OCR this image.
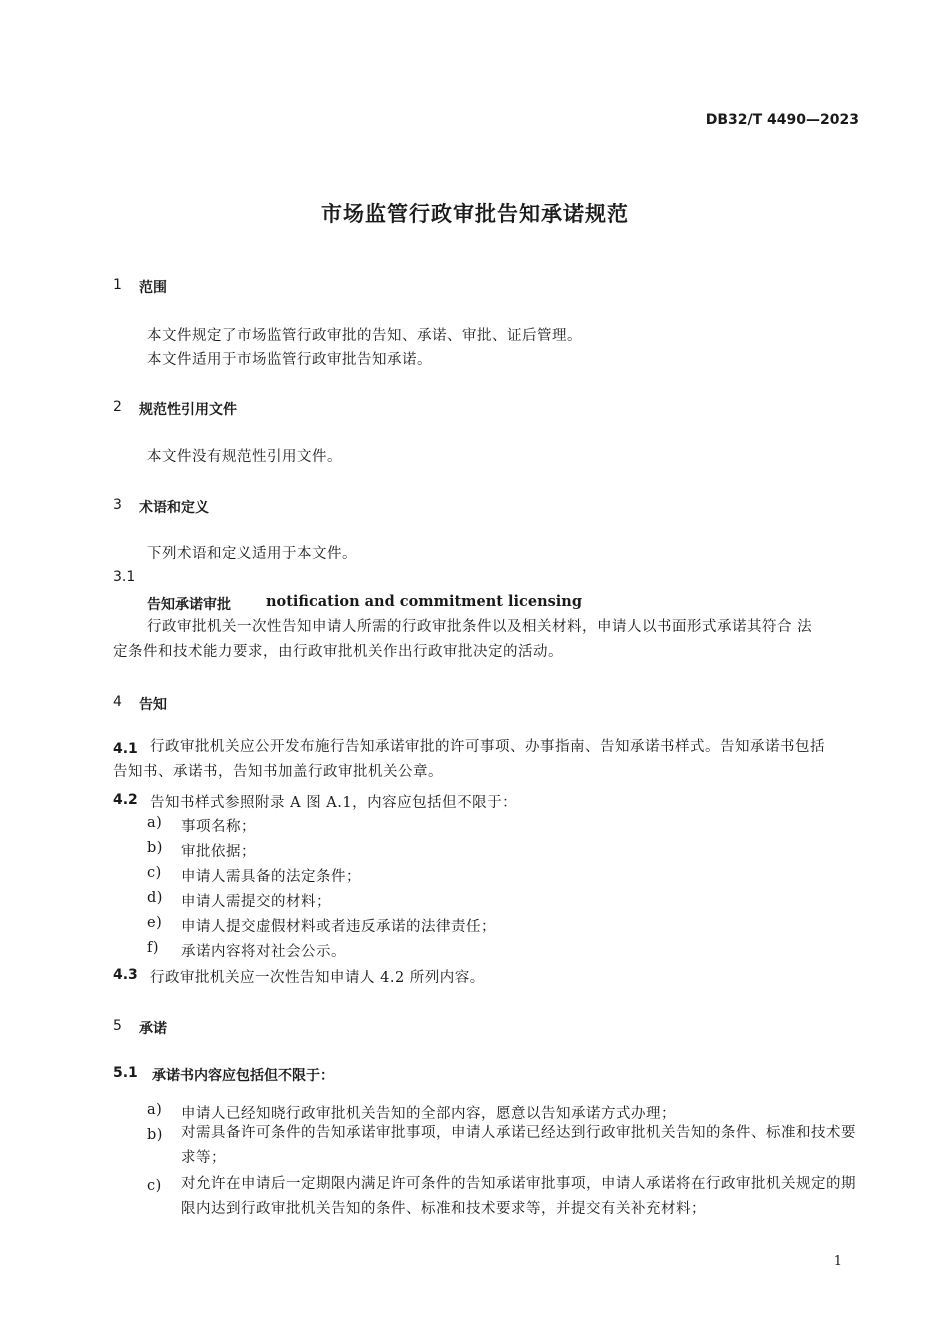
DB32/T 4490—2023
市场监管行政审批告知承诺规范
1 范围
本文件规定了市场监管行政审批的告知、承诺、审批、证后管理。
本文件适用于市场监管行政审批告知承诺。
2 规范性引用文件
本文件没有规范性引用文件。
3 术语和定义
下列术语和定义适用于本文件。
3.1
告知承诺审批 notification and commitment licensing
行政审批机关一次性告知申请人所需的行政审批条件以及相关材料，申请人以书面形式承诺其符合 法定条件和技术能力要求，由行政审批机关作出行政审批决定的活动。
4 告知
4.1 行政审批机关应公开发布施行告知承诺审批的许可事项、办事指南、告知承诺书样式。告知承诺书包括告知书、承诺书，告知书加盖行政审批机关公章。
4.2 告知书样式参照附录 A 图 A.1，内容应包括但不限于：
a) 事项名称；
b) 审批依据；
c) 申请人需具备的法定条件；
d) 申请人需提交的材料；
e) 申请人提交虚假材料或者违反承诺的法律责任；
f) 承诺内容将对社会公示。
4.3 行政审批机关应一次性告知申请人 4.2 所列内容。
5 承诺
5.1 承诺书内容应包括但不限于：
a) 申请人已经知晓行政审批机关告知的全部内容，愿意以告知承诺方式办理；
b) 对需具备许可条件的告知承诺审批事项，申请人承诺已经达到行政审批机关告知的条件、标准和技术要求等；
c) 对允许在申请后一定期限内满足许可条件的告知承诺审批事项，申请人承诺将在行政审批机关规定的期限内达到行政审批机关告知的条件、标准和技术要求等，并提交有关补充材料；
1
